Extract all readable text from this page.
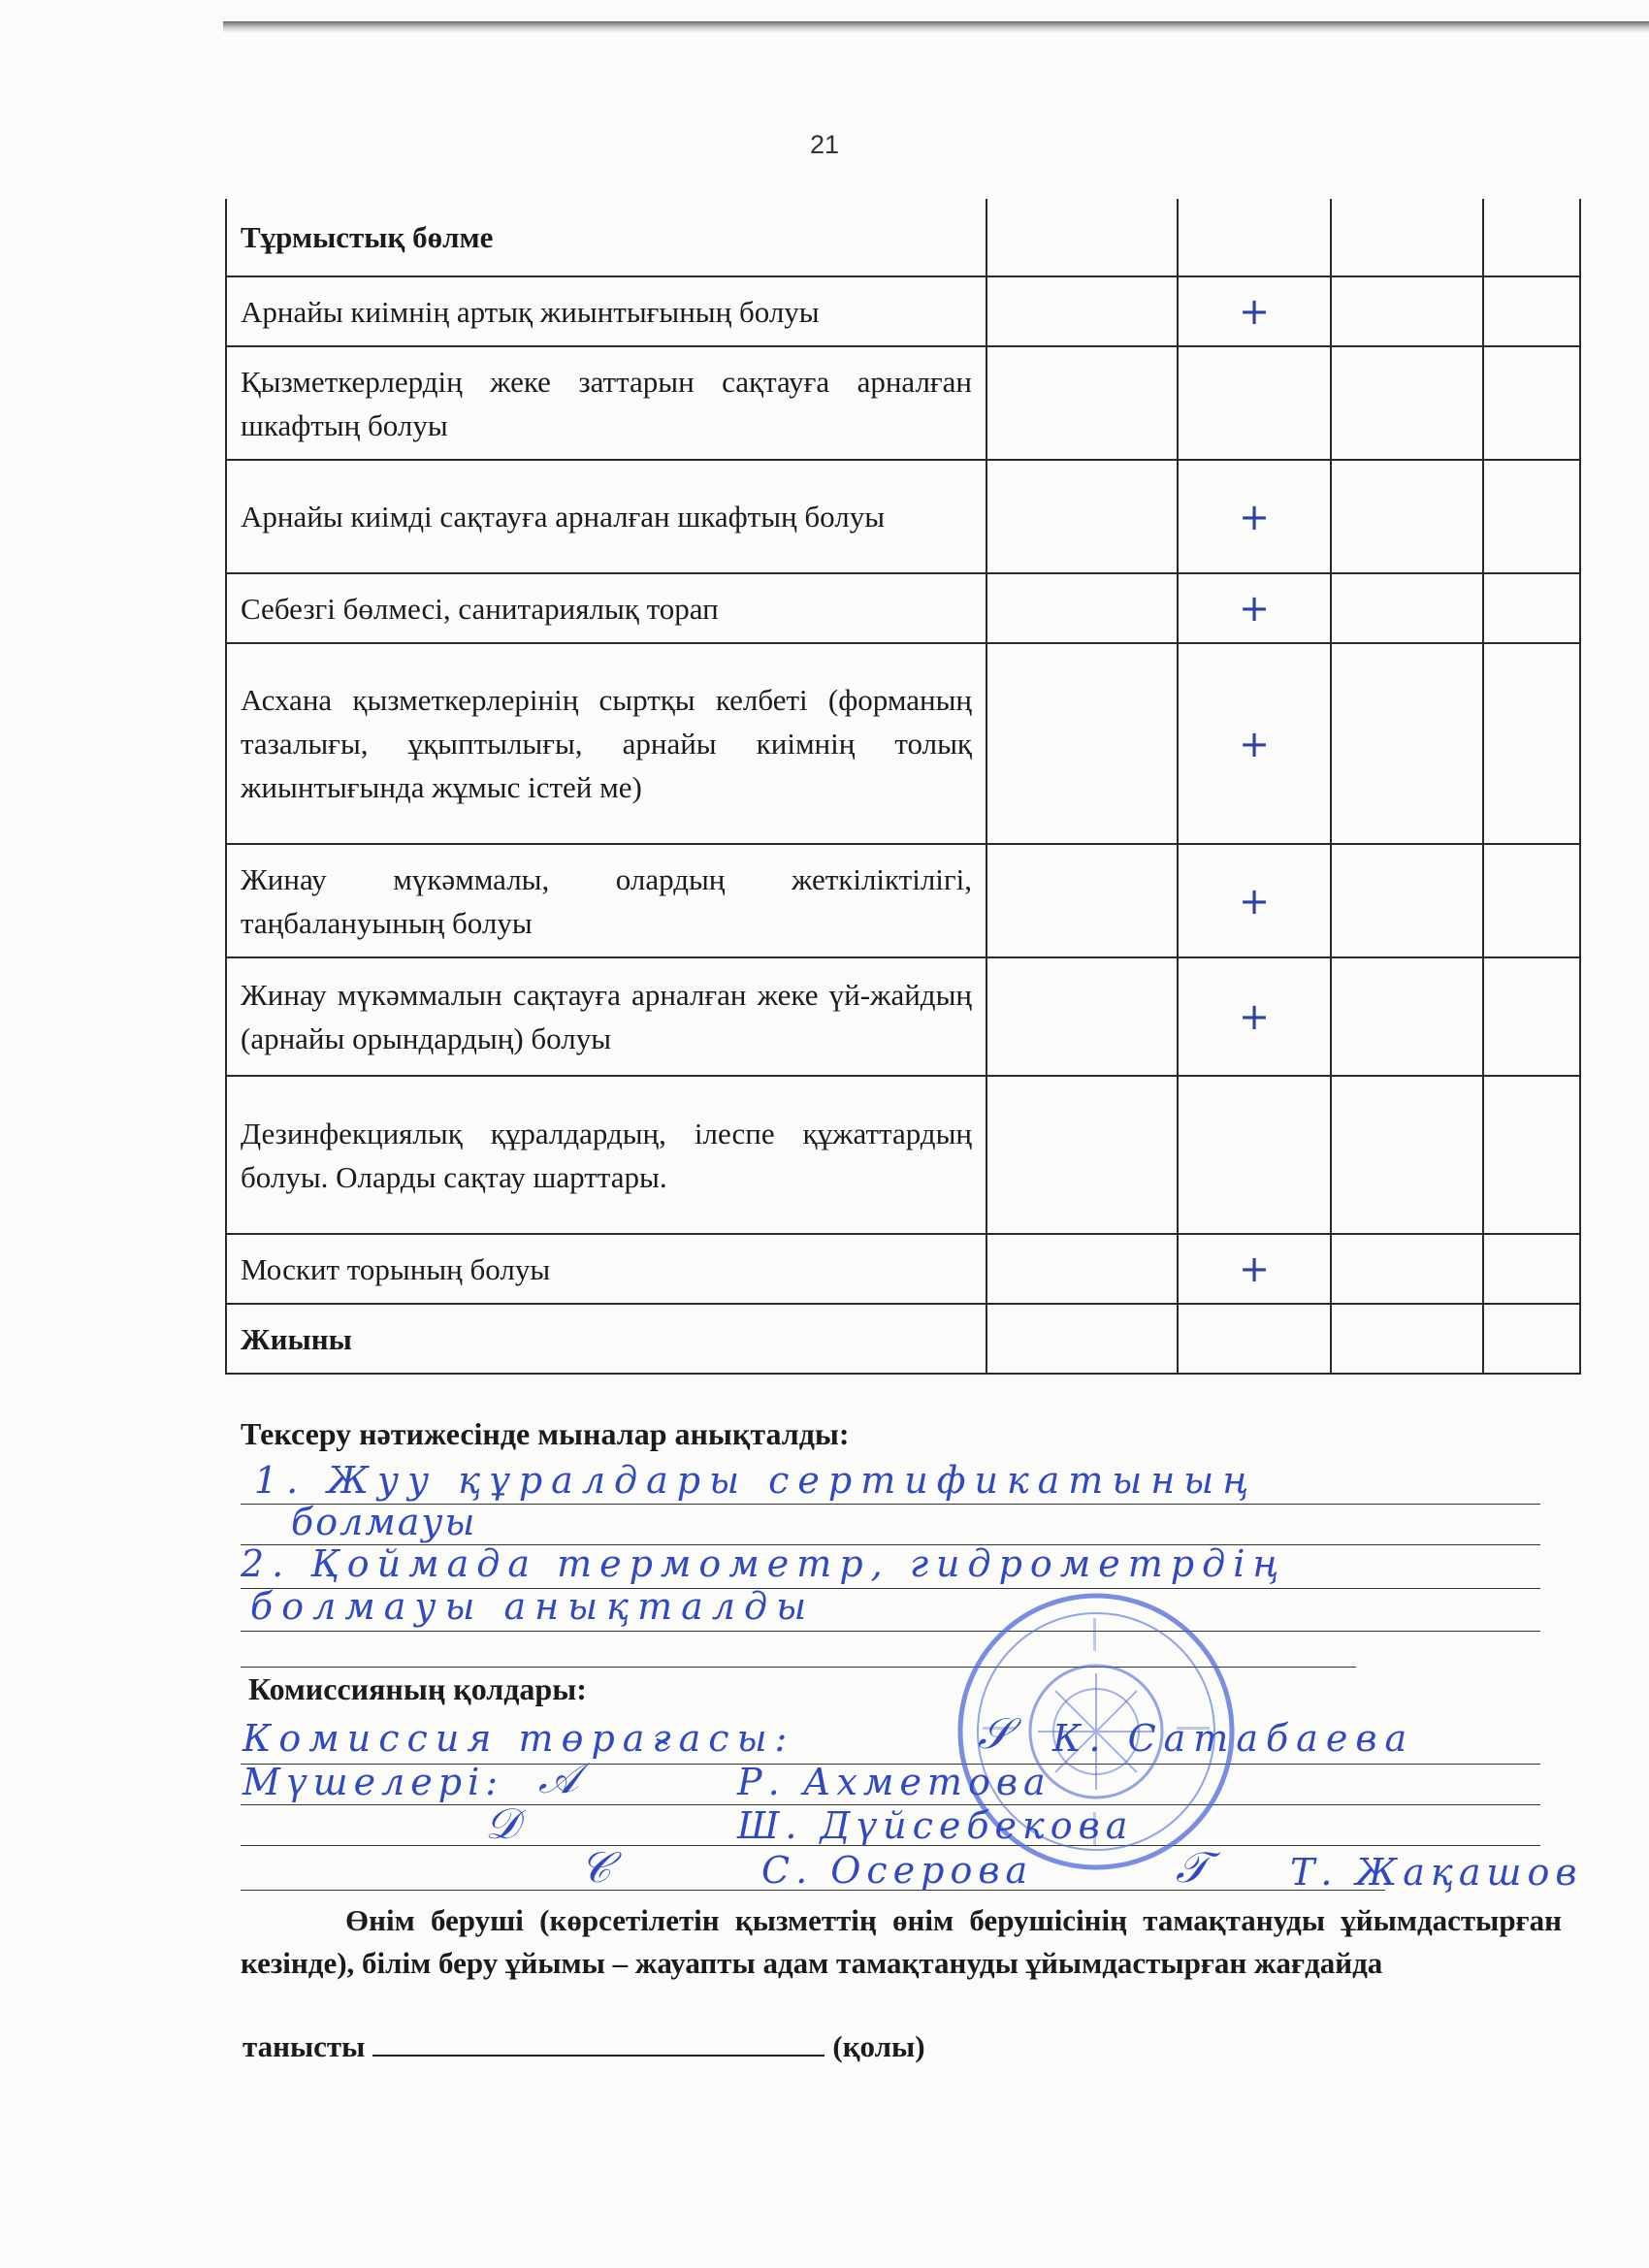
21
Тұрмыстық бөлме				
Арнайы киімнің артық жиынтығының болуы		+		
Қызметкерлердің жеке заттарын сақтауға арналған шкафтың болуы				
Арнайы киімді сақтауға арналған шкафтың болуы		+		
Себезгі бөлмесі, санитариялық торап		+		
Асхана қызметкерлерінің сыртқы келбеті (форманың тазалығы, ұқыптылығы, арнайы киімнің толық жиынтығында жұмыс істей ме)		+		
Жинау мүкәммалы, олардың жеткіліктілігі, таңбалануының болуы		+		
Жинау мүкәммалын сақтауға арналған жеке үй-жайдың (арнайы орындардың) болуы		+		
Дезинфекциялық құралдардың, ілеспе құжаттардың болуы. Оларды сақтау шарттары.				
Москит торының болуы		+		
Жиыны				
Тексеру нәтижесінде мыналар анықталды:
1. Жуу құралдары сертификатының
болмауы
2. Қоймада термометр, гидрометрдің
болмауы анықталды
Комиссияның қолдары:
Комиссия төрағасы:	𝒮 К. Сатабаева
Мүшелері: 𝒜	Р. Ахметова
𝒟	Ш. Дүйсебекова
𝒞	С. Осерова	𝒯 Т. Жақашов
Өнім беруші (көрсетілетін қызметтің өнім берушісінің тамақтануды ұйымдастырған кезінде), білім беру ұйымы – жауапты адам тамақтануды ұйымдастырған жағдайда
танысты	(қолы)
